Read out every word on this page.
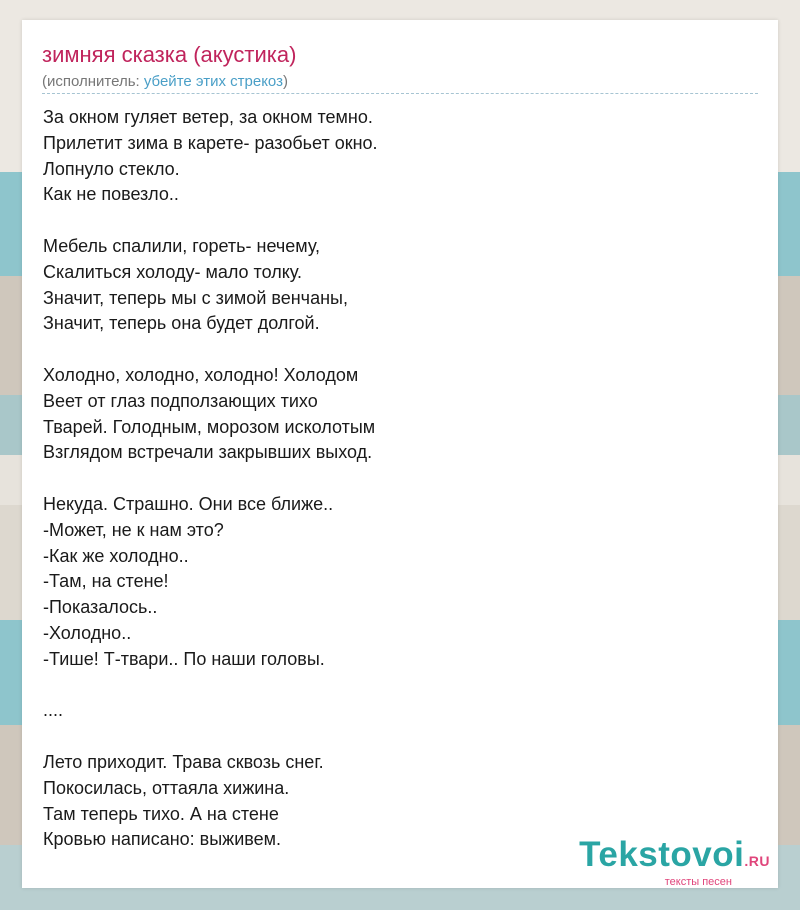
зимняя сказка (акустика)
(исполнитель: убейте этих стрекоз)
За окном гуляет ветер, за окном темно.
Прилетит зима в карете- разобьет окно.
Лопнуло стекло.
Как не повезло..

Мебель спалили, гореть- нечему,
Скалиться холоду- мало толку.
Значит, теперь мы с зимой венчаны,
Значит, теперь она будет долгой.

Холодно, холодно, холодно! Холодом
Веет от глаз подползающих тихо
Тварей. Голодным, морозом исколотым
Взглядом встречали закрывших выход.

Некуда. Страшно. Они все ближе..
-Может, не к нам это?
-Как же холодно..
-Там, на стене!
-Показалось..
-Холодно..
-Тише! Т-твари.. По наши головы.

....

Лето приходит. Трава сквозь снег.
Покосилась, оттаяла хижина.
Там теперь тихо. А на стене
Кровью написано: выживем.	Tekstovoi.RU
тексты песен
